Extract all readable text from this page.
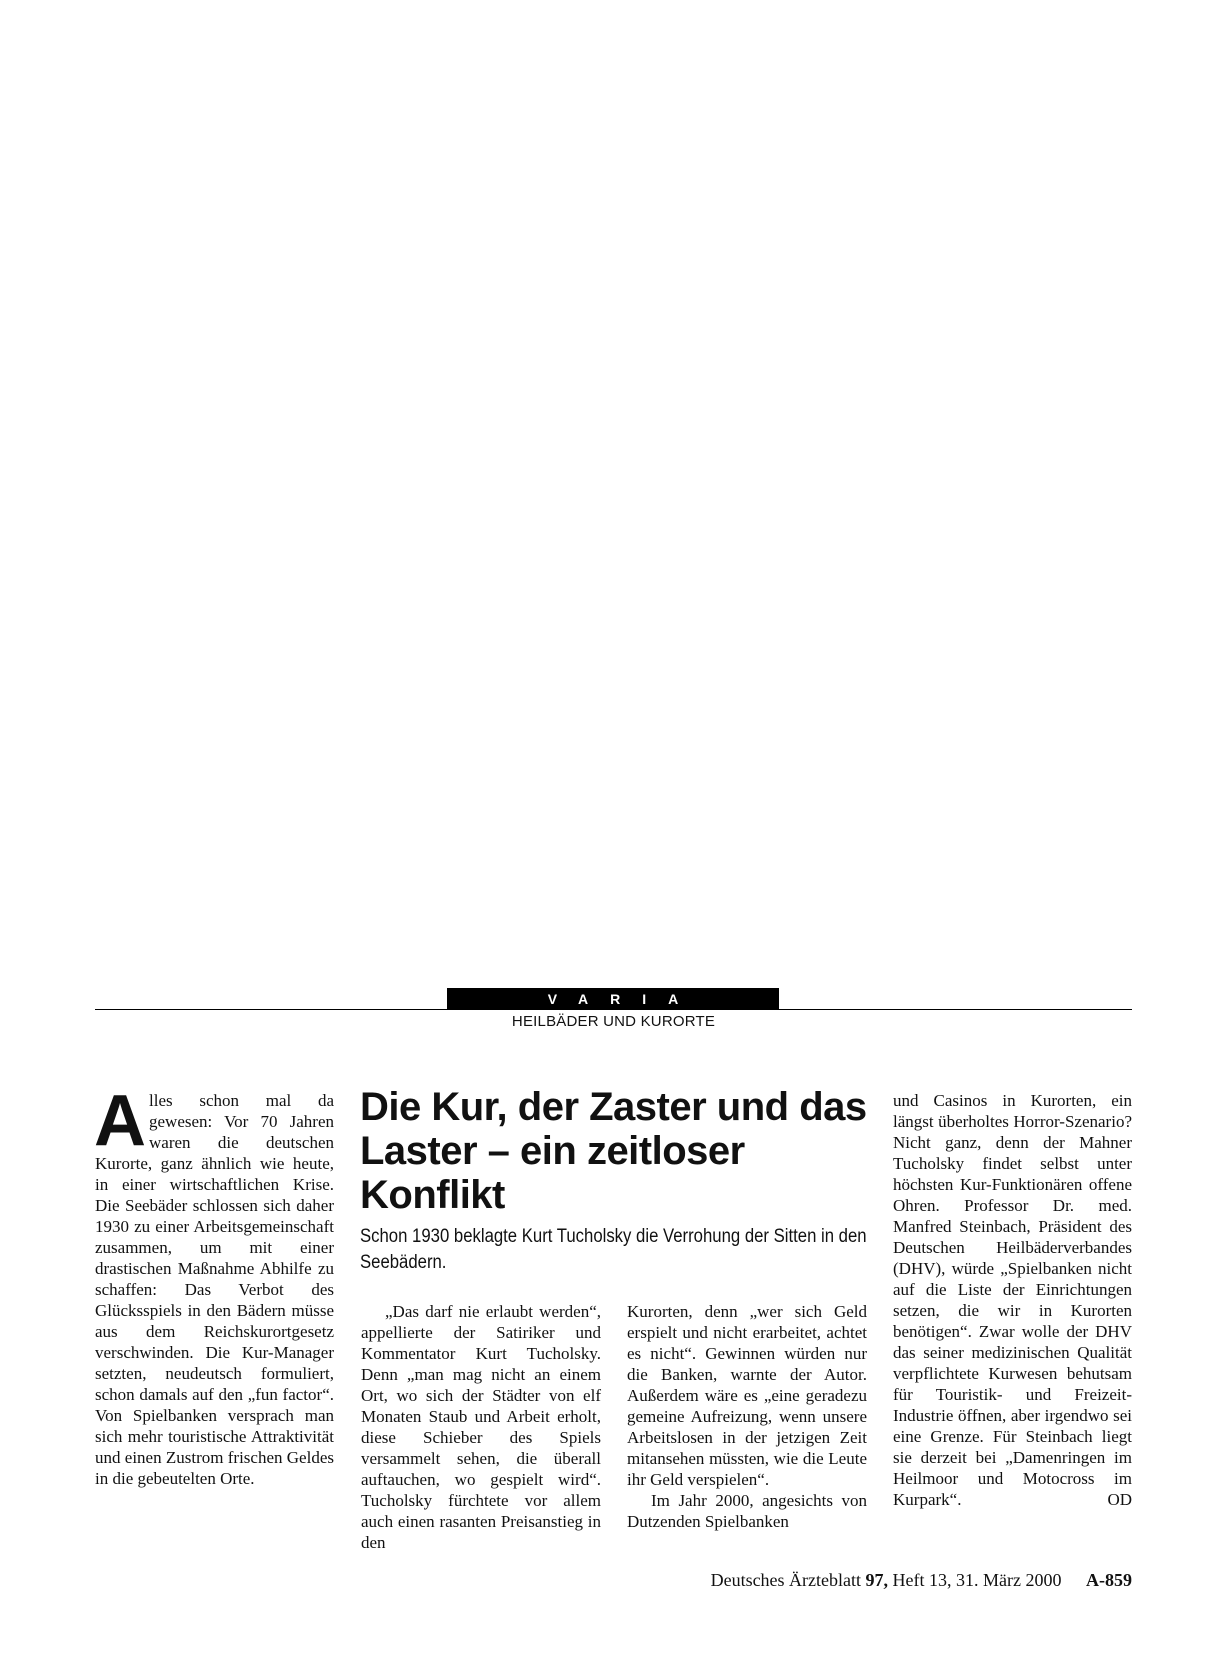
VARIA
HEILBÄDER UND KURORTE

Alles schon mal da gewesen: Vor 70 Jahren waren die deutschen Kurorte, ganz ähnlich wie heute, in einer wirtschaftlichen Krise. Die Seebäder schlossen sich daher 1930 zu einer Arbeitsgemeinschaft zusammen, um mit einer drastischen Maßnahme Abhilfe zu schaffen: Das Verbot des Glücksspiels in den Bädern müsse aus dem Reichskurortgesetz verschwinden. Die Kur-Manager setzten, neudeutsch formuliert, schon damals auf den „fun factor“. Von Spielbanken versprach man sich mehr touristische Attraktivität und einen Zustrom frischen Geldes in die gebeutelten Orte.

Die Kur, der Zaster und das Laster – ein zeitloser Konflikt

Schon 1930 beklagte Kurt Tucholsky die Verrohung der Sitten in den Seebädern.

„Das darf nie erlaubt werden“, appellierte der Satiriker und Kommentator Kurt Tucholsky. Denn „man mag nicht an einem Ort, wo sich der Städter von elf Monaten Staub und Arbeit erholt, diese Schieber des Spiels versammelt sehen, die überall auftauchen, wo gespielt wird“. Tucholsky fürchtete vor allem auch einen rasanten Preisanstieg in den

Kurorten, denn „wer sich Geld erspielt und nicht erarbeitet, achtet es nicht“. Gewinnen würden nur die Banken, warnte der Autor. Außerdem wäre es „eine geradezu gemeine Aufreizung, wenn unsere Arbeitslosen in der jetzigen Zeit mitansehen müssten, wie die Leute ihr Geld verspielen“.

Im Jahr 2000, angesichts von Dutzenden Spielbanken

und Casinos in Kurorten, ein längst überholtes Horror-Szenario? Nicht ganz, denn der Mahner Tucholsky findet selbst unter höchsten Kur-Funktionären offene Ohren. Professor Dr. med. Manfred Steinbach, Präsident des Deutschen Heilbäderverbandes (DHV), würde „Spielbanken nicht auf die Liste der Einrichtungen setzen, die wir in Kurorten benötigen“. Zwar wolle der DHV das seiner medizinischen Qualität verpflichtete Kurwesen behutsam für Touristik- und Freizeit-Industrie öffnen, aber irgendwo sei eine Grenze. Für Steinbach liegt sie derzeit bei „Damenringen im Heilmoor und Motocross im Kurpark“.	OD

Deutsches Ärzteblatt 97, Heft 13, 31. März 2000 A-859
